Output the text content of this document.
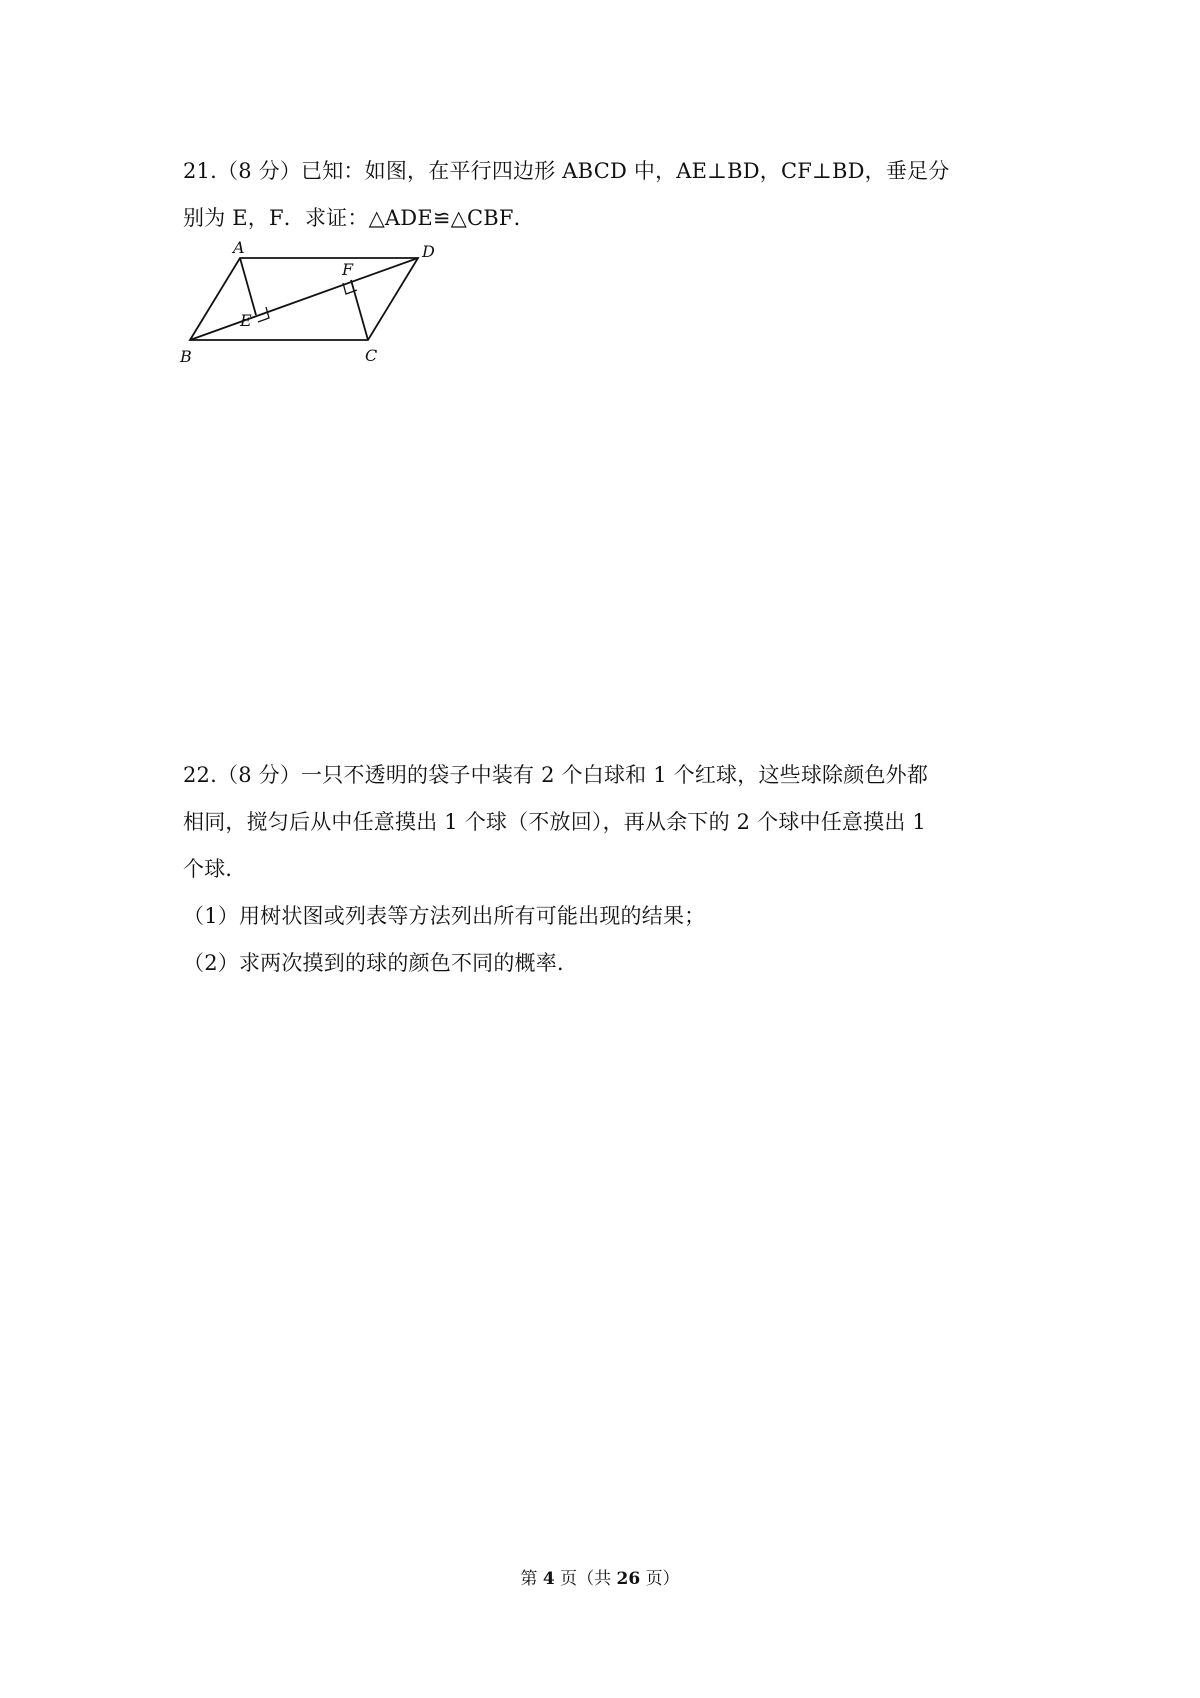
21.（8 分）已知：如图，在平行四边形 ABCD 中，AE⊥BD，CF⊥BD，垂足分
别为 E，F．求证：△ADE≌△CBF．
A	D
F
E
B	C
22.（8 分）一只不透明的袋子中装有 2 个白球和 1 个红球，这些球除颜色外都
相同，搅匀后从中任意摸出 1 个球（不放回），再从余下的 2 个球中任意摸出 1
个球．
（1）用树状图或列表等方法列出所有可能出现的结果；
（2）求两次摸到的球的颜色不同的概率．
第 4 页（共 26 页）
